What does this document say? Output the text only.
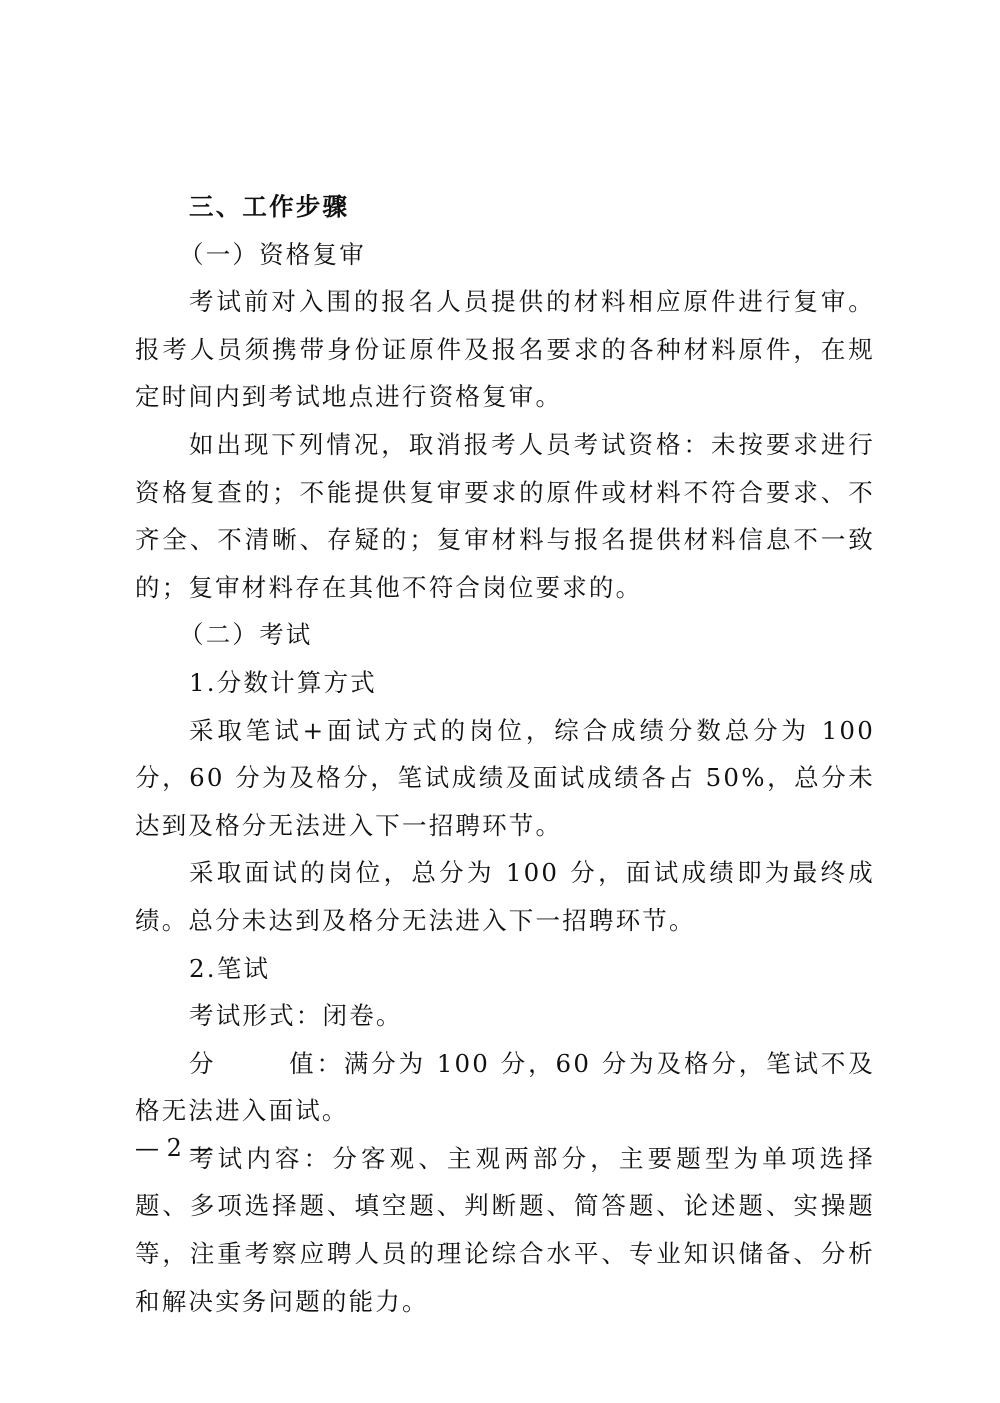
三、工作步骤

（一）资格复审

考试前对入围的报名人员提供的材料相应原件进行复审。报考人员须携带身份证原件及报名要求的各种材料原件，在规定时间内到考试地点进行资格复审。

如出现下列情况，取消报考人员考试资格：未按要求进行资格复查的；不能提供复审要求的原件或材料不符合要求、不齐全、不清晰、存疑的；复审材料与报名提供材料信息不一致的；复审材料存在其他不符合岗位要求的。

（二）考试

1.分数计算方式

采取笔试+面试方式的岗位，综合成绩分数总分为 100 分，60 分为及格分，笔试成绩及面试成绩各占 50%，总分未达到及格分无法进入下一招聘环节。

采取面试的岗位，总分为 100 分，面试成绩即为最终成绩。总分未达到及格分无法进入下一招聘环节。

2.笔试

考试形式：闭卷。

分	值：满分为 100 分，60 分为及格分，笔试不及格无法进入面试。

考试内容：分客观、主观两部分，主要题型为单项选择题、多项选择题、填空题、判断题、简答题、论述题、实操题等，注重考察应聘人员的理论综合水平、专业知识储备、分析和解决实务问题的能力。

— 2 —
